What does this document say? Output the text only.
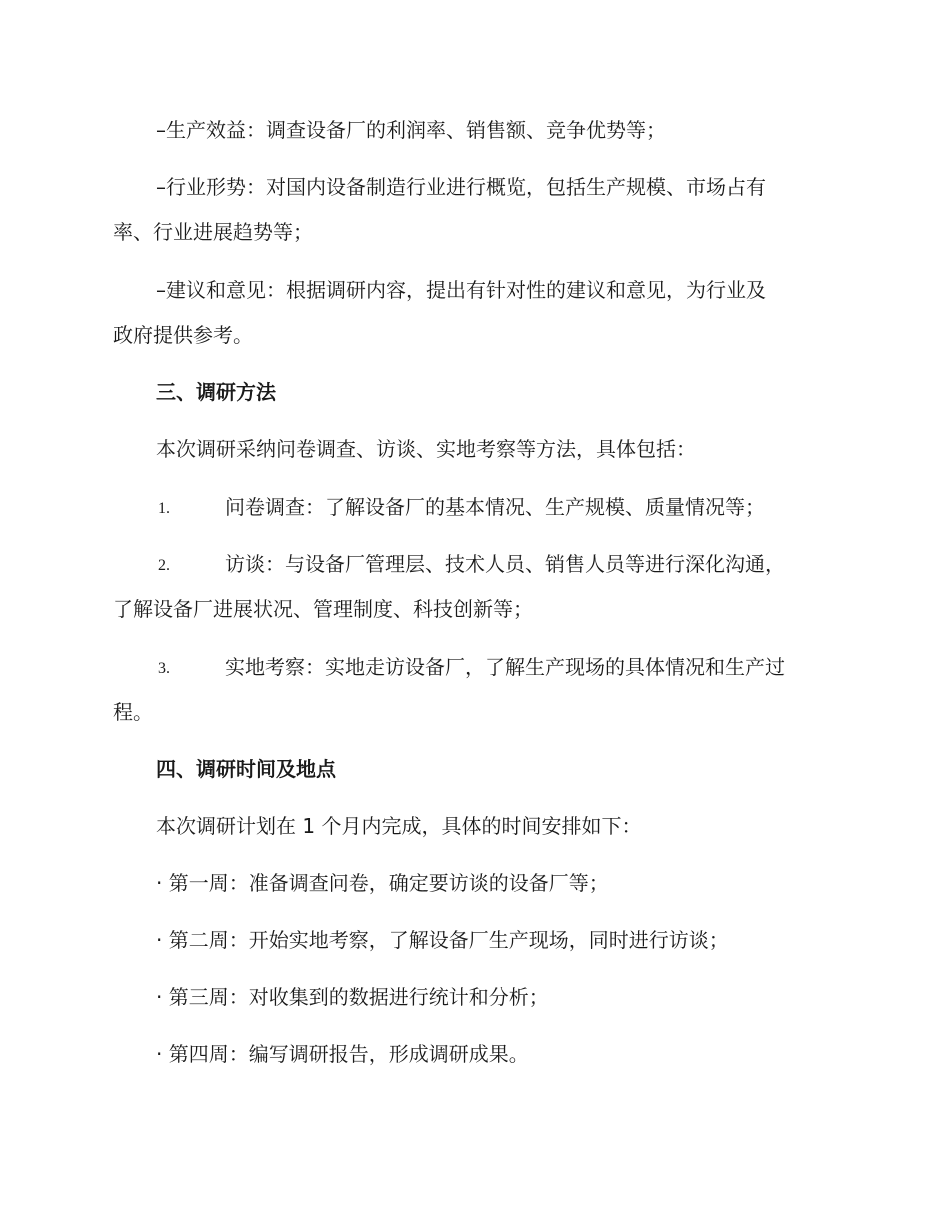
–生产效益：调查设备厂的利润率、销售额、竞争优势等；
–行业形势：对国内设备制造行业进行概览，包括生产规模、市场占有
率、行业进展趋势等；
–建议和意见：根据调研内容，提出有针对性的建议和意见，为行业及
政府提供参考。
三、调研方法
本次调研采纳问卷调查、访谈、实地考察等方法，具体包括：
1.	问卷调查：了解设备厂的基本情况、生产规模、质量情况等；
2.	访谈：与设备厂管理层、技术人员、销售人员等进行深化沟通，
了解设备厂进展状况、管理制度、科技创新等；
3.	实地考察：实地走访设备厂，了解生产现场的具体情况和生产过
程。
四、调研时间及地点
本次调研计划在 1 个月内完成，具体的时间安排如下：
· 第一周：准备调查问卷，确定要访谈的设备厂等；
· 第二周：开始实地考察，了解设备厂生产现场，同时进行访谈；
· 第三周：对收集到的数据进行统计和分析；
· 第四周：编写调研报告，形成调研成果。
